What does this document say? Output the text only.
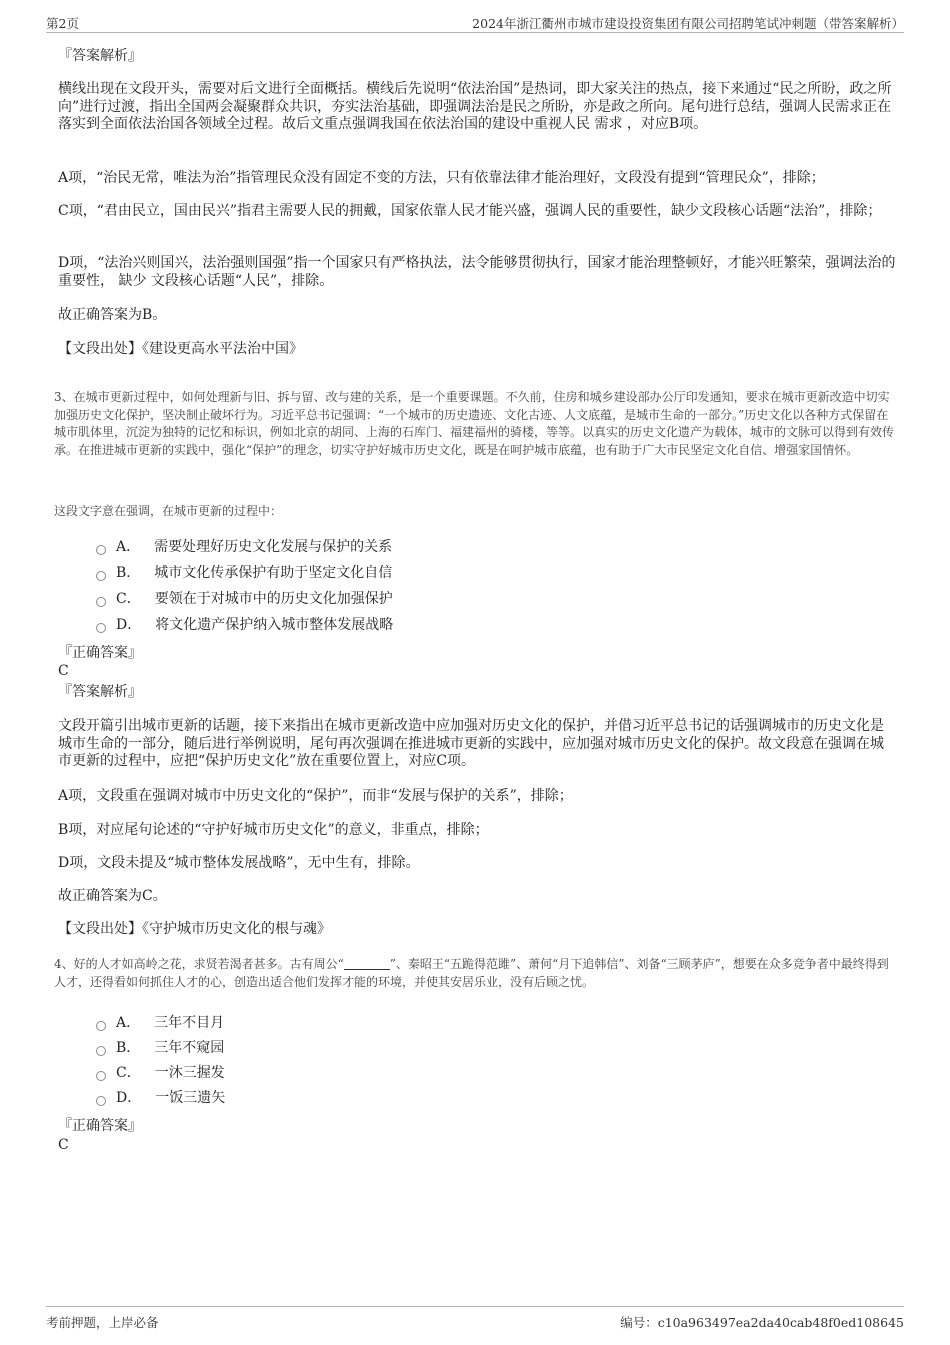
第2页	2024年浙江衢州市城市建设投资集团有限公司招聘笔试冲刺题（带答案解析）
『答案解析』
横线出现在文段开头，需要对后文进行全面概括。横线后先说明“依法治国”是热词，即大家关注的热点，接下来通过“民之所盼，政之所向”进行过渡，指出全国两会凝聚群众共识，夯实法治基础，即强调法治是民之所盼，亦是政之所向。尾句进行总结，强调人民需求正在落实到全面依法治国各领域全过程。故后文重点强调我国在依法治国的建设中重视人民 需求 ，对应B项。
A项，“治民无常，唯法为治”指管理民众没有固定不变的方法，只有依靠法律才能治理好，文段没有提到“管理民众”，排除；
C项，“君由民立，国由民兴”指君主需要人民的拥戴，国家依靠人民才能兴盛，强调人民的重要性，缺少文段核心话题“法治”，排除；
D项，“法治兴则国兴，法治强则国强”指一个国家只有严格执法，法令能够贯彻执行，国家才能治理整顿好，才能兴旺繁荣，强调法治的重要性， 缺少 文段核心话题“人民”，排除。
故正确答案为B。
【文段出处】《建设更高水平法治中国》
3、在城市更新过程中，如何处理新与旧、拆与留、改与建的关系，是一个重要课题。不久前，住房和城乡建设部办公厅印发通知，要求在城市更新改造中切实加强历史文化保护，坚决制止破坏行为。习近平总书记强调：“一个城市的历史遗迹、文化古迹、人文底蕴，是城市生命的一部分。”历史文化以各种方式保留在城市肌体里，沉淀为独特的记忆和标识，例如北京的胡同、上海的石库门、福建福州的骑楼，等等。以真实的历史文化遗产为载体，城市的文脉可以得到有效传承。在推进城市更新的实践中，强化“保护”的理念，切实守护好城市历史文化，既是在呵护城市底蕴，也有助于广大市民坚定文化自信、增强家国情怀。
这段文字意在强调，在城市更新的过程中：
A． 需要处理好历史文化发展与保护的关系
B． 城市文化传承保护有助于坚定文化自信
C． 要领在于对城市中的历史文化加强保护
D． 将文化遗产保护纳入城市整体发展战略
『正确答案』
C
『答案解析』
文段开篇引出城市更新的话题，接下来指出在城市更新改造中应加强对历史文化的保护，并借习近平总书记的话强调城市的历史文化是城市生命的一部分，随后进行举例说明，尾句再次强调在推进城市更新的实践中，应加强对城市历史文化的保护。故文段意在强调在城市更新的过程中，应把“保护历史文化”放在重要位置上，对应C项。
A项，文段重在强调对城市中历史文化的“保护”，而非“发展与保护的关系”，排除；
B项，对应尾句论述的“守护好城市历史文化”的意义，非重点，排除；
D项，文段未提及“城市整体发展战略”，无中生有，排除。
故正确答案为C。
【文段出处】《守护城市历史文化的根与魂》
4、好的人才如高岭之花，求贤若渴者甚多。古有周公“	”、秦昭王“五跪得范雎”、萧何“月下追韩信”、刘备“三顾茅庐”，想要在众多竞争者中最终得到人才，还得看如何抓住人才的心，创造出适合他们发挥才能的环境，并使其安居乐业，没有后顾之忧。
A． 三年不目月
B． 三年不窥园
C． 一沐三握发
D． 一饭三遗矢
『正确答案』
C
考前押题，上岸必备	编号：c10a963497ea2da40cab48f0ed108645
